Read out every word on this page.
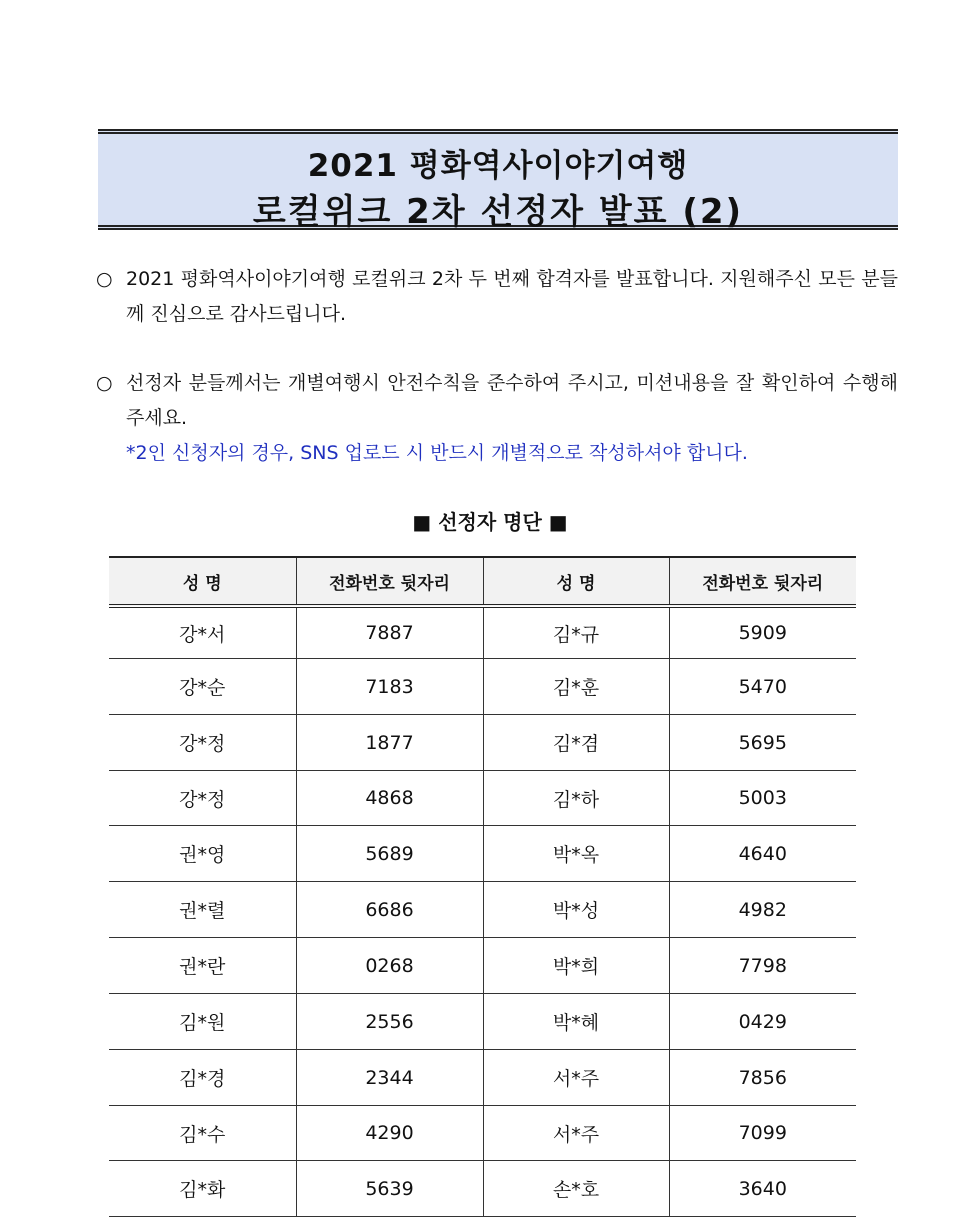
2021 평화역사이야기여행
로컬위크 2차 선정자 발표 (2)
○ 2021 평화역사이야기여행 로컬위크 2차 두 번째 합격자를 발표합니다. 지원해주신 모든 분들께 진심으로 감사드립니다.
○ 선정자 분들께서는 개별여행시 안전수칙을 준수하여 주시고, 미션내용을 잘 확인하여 수행해주세요.
*2인 신청자의 경우, SNS 업로드 시 반드시 개별적으로 작성하셔야 합니다.
■ 선정자 명단 ■
성 명	전화번호 뒷자리	성 명	전화번호 뒷자리
강*서	7887	김*규	5909
강*순	7183	김*훈	5470
강*정	1877	김*겸	5695
강*정	4868	김*하	5003
권*영	5689	박*옥	4640
권*렬	6686	박*성	4982
권*란	0268	박*희	7798
김*원	2556	박*혜	0429
김*경	2344	서*주	7856
김*수	4290	서*주	7099
김*화	5639	손*호	3640
